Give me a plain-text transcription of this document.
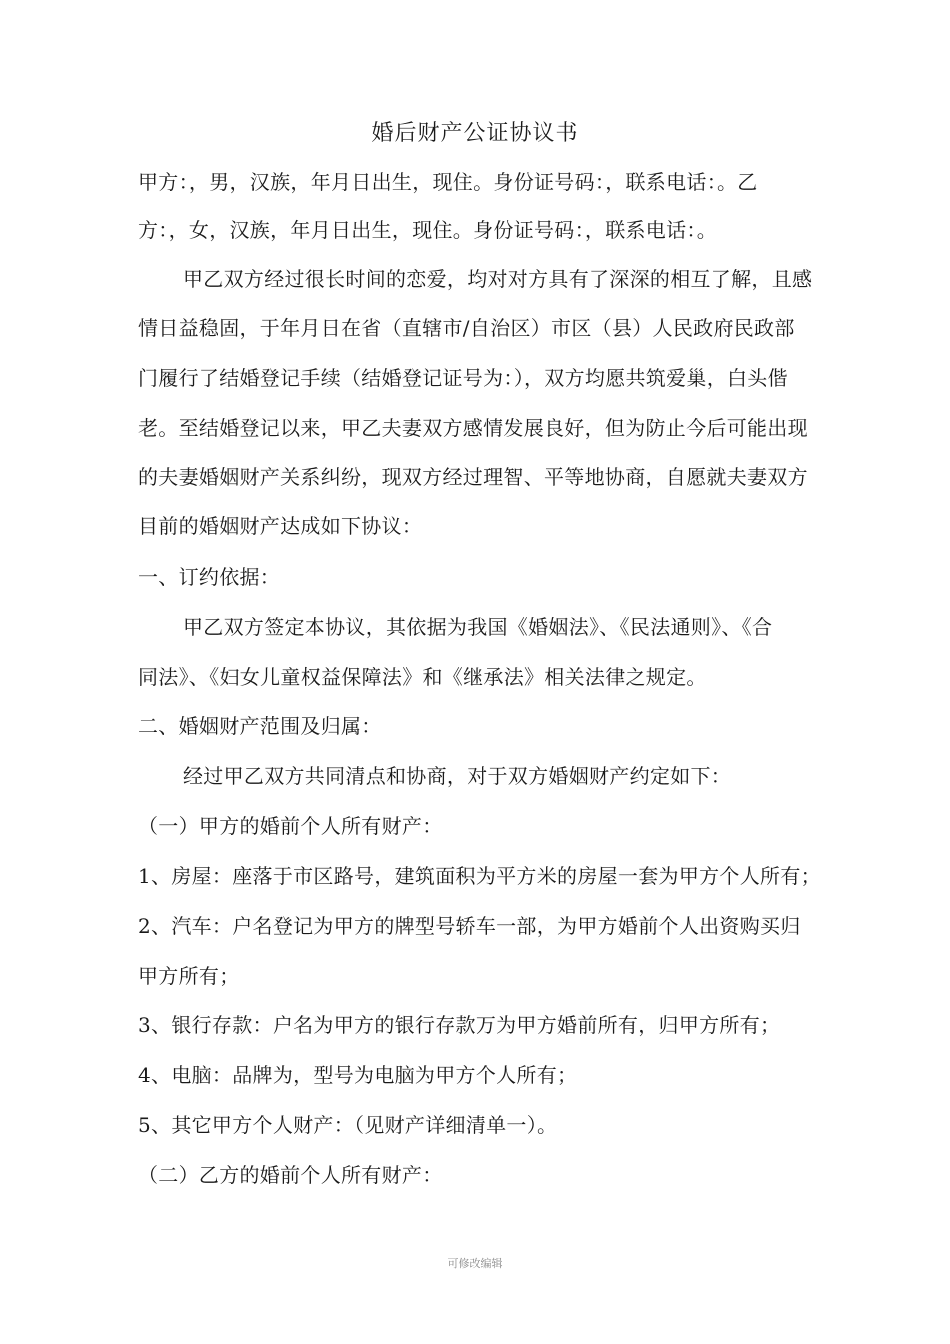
婚后财产公证协议书
甲方：，男，汉族，年月日出生，现住。身份证号码：，联系电话：。乙
方：，女，汉族，年月日出生，现住。身份证号码：，联系电话：。
甲乙双方经过很长时间的恋爱，均对对方具有了深深的相互了解，且感
情日益稳固，于年月日在省（直辖市/自治区）市区（县）人民政府民政部
门履行了结婚登记手续（结婚登记证号为：），双方均愿共筑爱巢，白头偕
老。至结婚登记以来，甲乙夫妻双方感情发展良好，但为防止今后可能出现
的夫妻婚姻财产关系纠纷，现双方经过理智、平等地协商，自愿就夫妻双方
目前的婚姻财产达成如下协议：
一、订约依据：
甲乙双方签定本协议，其依据为我国《婚姻法》、《民法通则》、《合
同法》、《妇女儿童权益保障法》和《继承法》相关法律之规定。
二、婚姻财产范围及归属：
经过甲乙双方共同清点和协商，对于双方婚姻财产约定如下：
（一）甲方的婚前个人所有财产：
1、房屋：座落于市区路号，建筑面积为平方米的房屋一套为甲方个人所有；
2、汽车：户名登记为甲方的牌型号轿车一部，为甲方婚前个人出资购买归
甲方所有；
3、银行存款：户名为甲方的银行存款万为甲方婚前所有，归甲方所有；
4、电脑：品牌为，型号为电脑为甲方个人所有；
5、其它甲方个人财产：（见财产详细清单一）。
（二）乙方的婚前个人所有财产：
可修改编辑
